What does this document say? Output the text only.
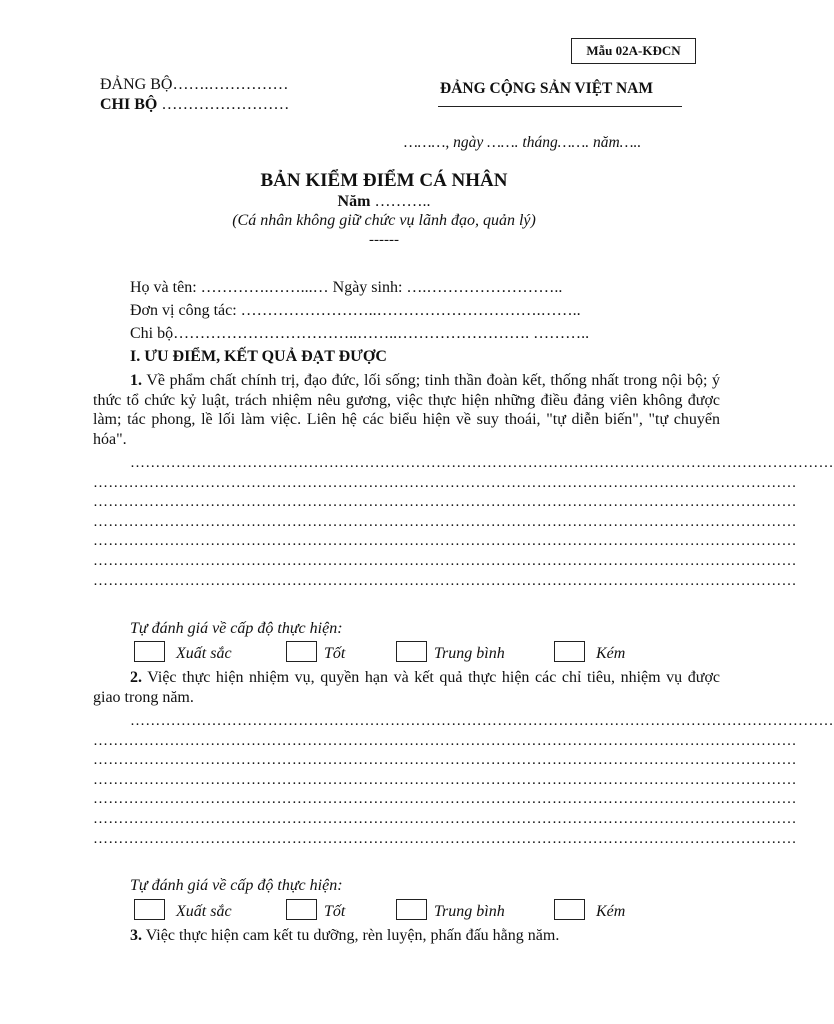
Mẫu 02A-KĐCN
ĐẢNG BỘ…….……………
CHI BỘ ……………………
ĐẢNG CỘNG SẢN VIỆT NAM
………, ngày ……. tháng……. năm…..
BẢN KIỂM ĐIỂM CÁ NHÂN
Năm ………..
(Cá nhân không giữ chức vụ lãnh đạo, quản lý)
------
Họ và tên: ………….……...… Ngày sinh: ….……………………..
Đơn vị công tác: ……………………..………………………….……..
Chi bộ……………………………..……..……………………. ………..
I. ƯU ĐIỂM, KẾT QUẢ ĐẠT ĐƯỢC
1. Về phẩm chất chính trị, đạo đức, lối sống; tinh thần đoàn kết, thống nhất trong nội bộ; ý thức tổ chức kỷ luật, trách nhiệm nêu gương, việc thực hiện những điều đảng viên không được làm; tác phong, lề lối làm việc. Liên hệ các biểu hiện về suy thoái, "tự diễn biến", "tự chuyển hóa".
…………………………………………………………………………………………………………………………
…………………………………………………………………………………………………………………………
…………………………………………………………………………………………………………………………
…………………………………………………………………………………………………………………………
…………………………………………………………………………………………………………………………
…………………………………………………………………………………………………………………………
…………………………………………………………………………………………………………………………
Tự đánh giá về cấp độ thực hiện:
Xuất sắc	Tốt	Trung bình	Kém
2. Việc thực hiện nhiệm vụ, quyền hạn và kết quả thực hiện các chỉ tiêu, nhiệm vụ được giao trong năm.
…………………………………………………………………………………………………………………………
…………………………………………………………………………………………………………………………
…………………………………………………………………………………………………………………………
…………………………………………………………………………………………………………………………
…………………………………………………………………………………………………………………………
…………………………………………………………………………………………………………………………
…………………………………………………………………………………………………………………………
Tự đánh giá về cấp độ thực hiện:
Xuất sắc	Tốt	Trung bình	Kém
3. Việc thực hiện cam kết tu dưỡng, rèn luyện, phấn đấu hằng năm.
